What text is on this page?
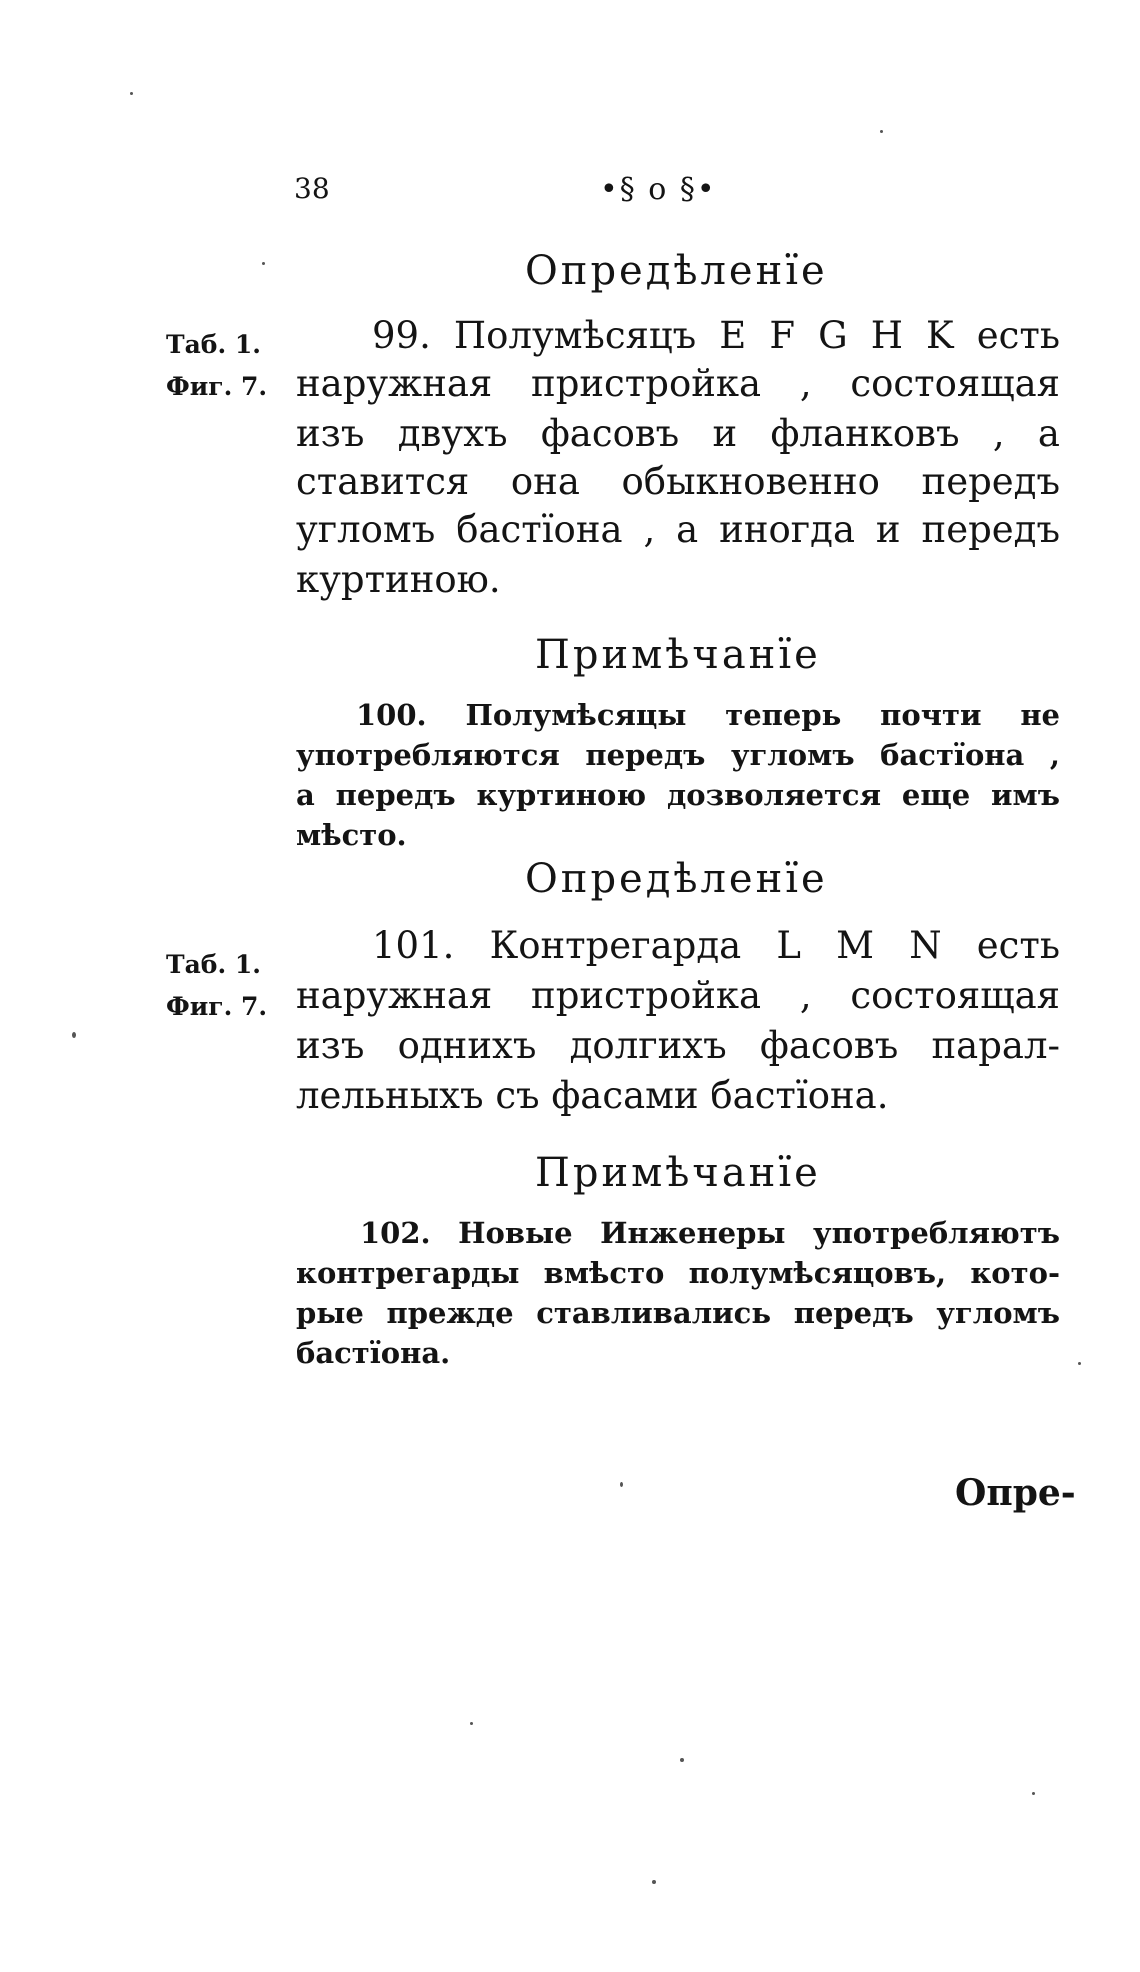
38	•§ o §•
Опредѣленїе
Таб. 1.
Фиг. 7.
99. Полумѣсяцъ E F G H K есть
наружная пристройка , состоящая
изъ двухъ фасовъ и фланковъ , а
ставится она обыкновенно передъ
угломъ бастїона , а иногда и передъ
куртиною.
Примѣчанїе
100. Полумѣсяцы теперь почти не
употребляются передъ угломъ бастїона ,
а передъ куртиною дозволяется еще имъ
мѣсто.
Опредѣленїе
Таб. 1.
Фиг. 7.
101. Контрегарда L M N есть
наружная пристройка , состоящая
изъ однихъ долгихъ фасовъ парал-
лельныхъ съ фасами бастїона.
Примѣчанїе
102. Новые Инженеры употребляютъ
контрегарды вмѣсто полумѣсяцовъ, кото-
рые прежде ставливались передъ угломъ
бастїона.
Опре-
